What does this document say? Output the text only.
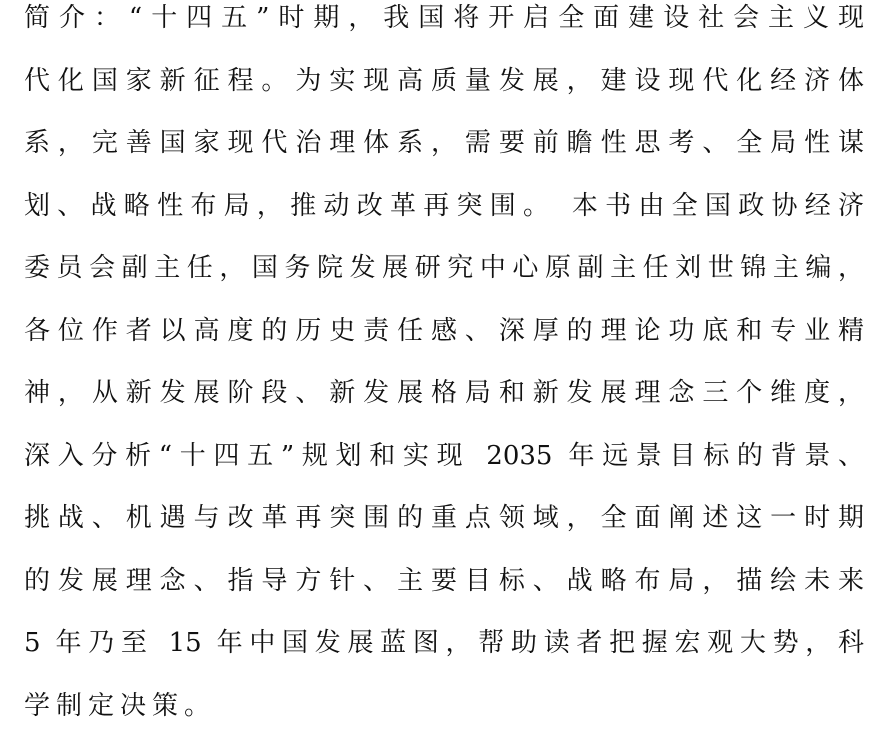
简介：“十四五”时期，我国将开启全面建设社会主义现
代化国家新征程。为实现高质量发展，建设现代化经济体
系，完善国家现代治理体系，需要前瞻性思考、全局性谋
划、战略性布局，推动改革再突围。 本书由全国政协经济
委员会副主任，国务院发展研究中心原副主任刘世锦主编，
各位作者以高度的历史责任感、深厚的理论功底和专业精
神，从新发展阶段、新发展格局和新发展理念三个维度，
深入分析“十四五”规划和实现 2035 年远景目标的背景、
挑战、机遇与改革再突围的重点领域，全面阐述这一时期
的发展理念、指导方针、主要目标、战略布局，描绘未来
5 年乃至 15 年中国发展蓝图，帮助读者把握宏观大势，科
学制定决策。
